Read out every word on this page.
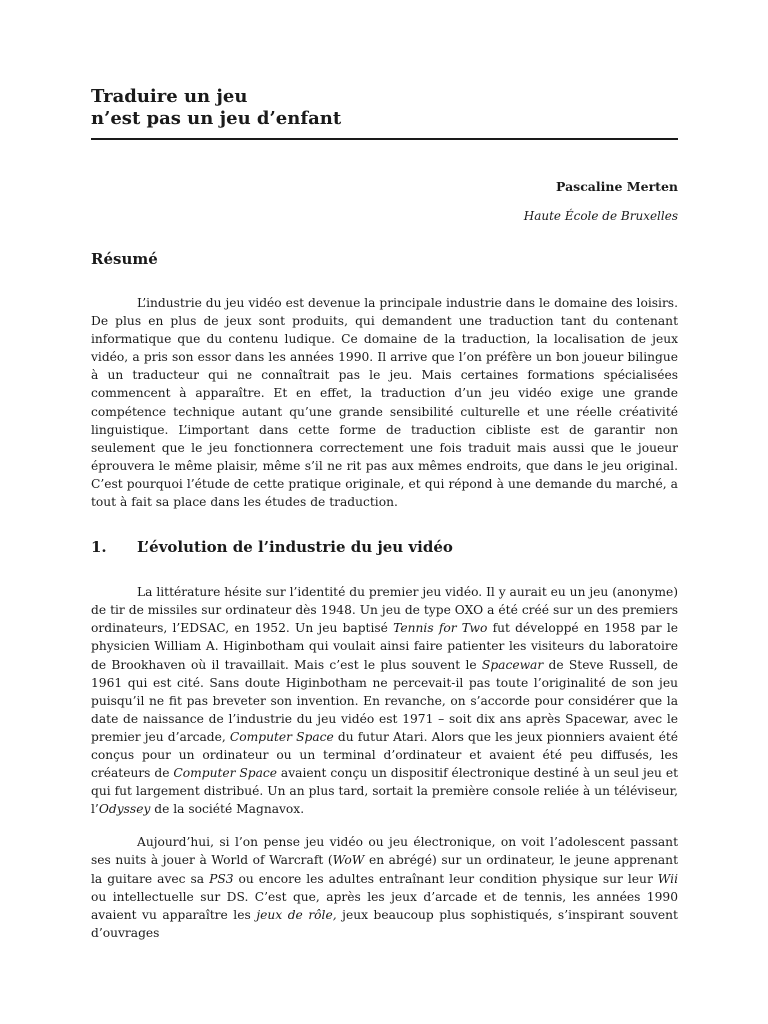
Traduire un jeu
n’est pas un jeu d’enfant
Pascaline Merten
Haute École de Bruxelles
Résumé

L’industrie du jeu vidéo est devenue la principale industrie dans le domaine des loisirs. De plus en plus de jeux sont produits, qui demandent une traduction tant du contenant informatique que du contenu ludique. Ce domaine de la traduction, la localisation de jeux vidéo, a pris son essor dans les années 1990. Il arrive que l’on préfère un bon joueur bilingue à un traducteur qui ne connaîtrait pas le jeu. Mais certaines formations spécialisées commencent à apparaître. Et en effet, la traduction d’un jeu vidéo exige une grande compétence technique autant qu’une grande sensibilité culturelle et une réelle créativité linguistique. L’important dans cette forme de traduction cibliste est de garantir non seulement que le jeu fonctionnera correctement une fois traduit mais aussi que le joueur éprouvera le même plaisir, même s’il ne rit pas aux mêmes endroits, que dans le jeu original. C’est pourquoi l’étude de cette pratique originale, et qui répond à une demande du marché, a tout à fait sa place dans les études de traduction.

1.	L’évolution de l’industrie du jeu vidéo

La littérature hésite sur l’identité du premier jeu vidéo. Il y aurait eu un jeu (anonyme) de tir de missiles sur ordinateur dès 1948. Un jeu de type OXO a été créé sur un des premiers ordinateurs, l’EDSAC, en 1952. Un jeu baptisé Tennis for Two fut développé en 1958 par le physicien William A. Higinbotham qui voulait ainsi faire patienter les visiteurs du laboratoire de Brookhaven où il travaillait. Mais c’est le plus souvent le Spacewar de Steve Russell, de 1961 qui est cité. Sans doute Higinbotham ne percevait-il pas toute l’originalité de son jeu puisqu’il ne fit pas breveter son invention. En revanche, on s’accorde pour considérer que la date de naissance de l’industrie du jeu vidéo est 1971 – soit dix ans après Spacewar, avec le premier jeu d’arcade, Computer Space du futur Atari. Alors que les jeux pionniers avaient été conçus pour un ordinateur ou un terminal d’ordinateur et avaient été peu diffusés, les créateurs de Computer Space avaient conçu un dispositif électronique destiné à un seul jeu et qui fut largement distribué. Un an plus tard, sortait la première console reliée à un téléviseur, l’Odyssey de la société Magnavox.

Aujourd’hui, si l’on pense jeu vidéo ou jeu électronique, on voit l’adolescent passant ses nuits à jouer à World of Warcraft (WoW en abrégé) sur un ordinateur, le jeune apprenant la guitare avec sa PS3 ou encore les adultes entraînant leur condition physique sur leur Wii ou intellectuelle sur DS. C’est que, après les jeux d’arcade et de tennis, les années 1990 avaient vu apparaître les jeux de rôle, jeux beaucoup plus sophistiqués, s’inspirant souvent d’ouvrages
